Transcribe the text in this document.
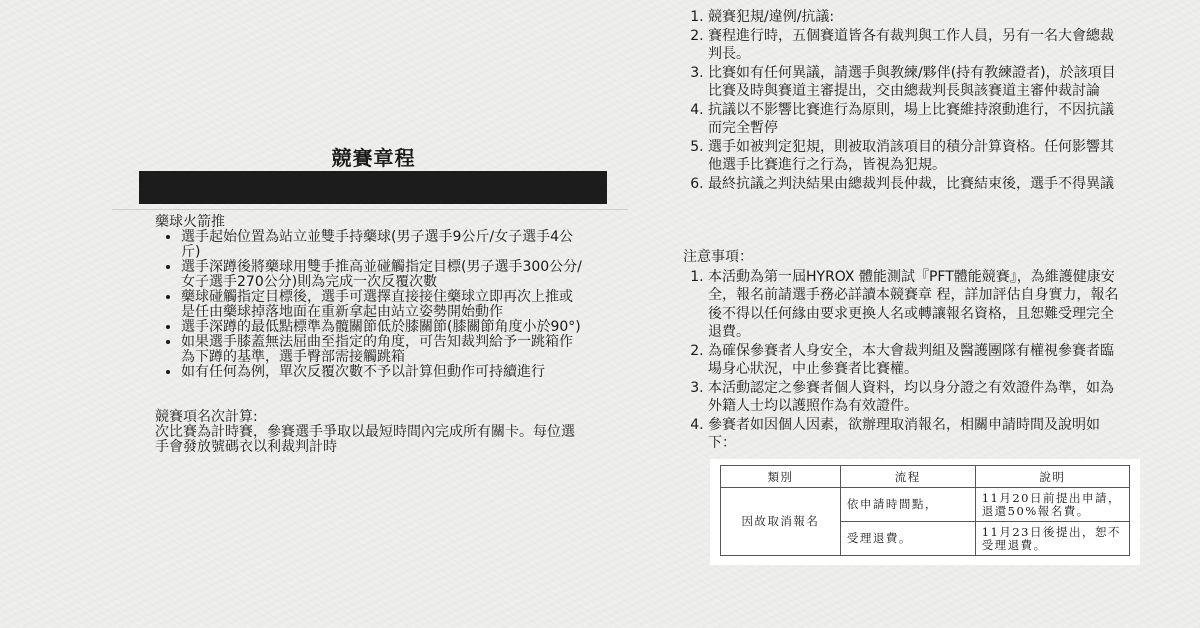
競賽章程

藥球火箭推

• 選手起始位置為站立並雙手持藥球(男子選手9公斤/女子選手4公斤)
• 選手深蹲後將藥球用雙手推高並碰觸指定目標(男子選手300公分/女子選手270公分)則為完成一次反覆次數
• 藥球碰觸指定目標後，選手可選擇直接接住藥球立即再次上推或是任由藥球掉落地面在重新拿起由站立姿勢開始動作
• 選手深蹲的最低點標準為髖關節低於膝關節(膝關節角度小於90°)
• 如果選手膝蓋無法屈曲至指定的角度，可告知裁判給予一跳箱作為下蹲的基準，選手臀部需接觸跳箱
• 如有任何為例，單次反覆次數不予以計算但動作可持續進行

競賽項名次計算:

次比賽為計時賽，參賽選手爭取以最短時間內完成所有關卡。每位選手會發放號碼衣以利裁判計時

1. 競賽犯規/違例/抗議:
2. 賽程進行時，五個賽道皆各有裁判與工作人員，另有一名大會總裁判長。
3. 比賽如有任何異議，請選手與教練/夥伴(持有教練證者)，於該項目比賽及時與賽道主審提出，交由總裁判長與該賽道主審仲裁討論
4. 抗議以不影響比賽進行為原則，場上比賽維持滾動進行，不因抗議而完全暫停
5. 選手如被判定犯規，則被取消該項目的積分計算資格。任何影響其他選手比賽進行之行為，皆視為犯規。
6. 最終抗議之判決結果由總裁判長仲裁，比賽結束後，選手不得異議

注意事項：

1. 本活動為第一屆HYROX 體能測試『PFT體能競賽』，為維護健康安全，報名前請選手務必詳讀本競賽章 程，詳加評估自身實力，報名後不得以任何緣由要求更換人名或轉讓報名資格，且恕難受理完全退費。
2. 為確保參賽者人身安全，本大會裁判組及醫護團隊有權視參賽者臨場身心狀況，中止參賽者比賽權。
3. 本活動認定之參賽者個人資料，均以身分證之有效證件為準，如為外籍人士均以護照作為有效證件。
4. 參賽者如因個人因素，欲辦理取消報名，相關申請時間及說明如下：
類別	流程	說明
因故取消報名	依申請時間點，	11月20日前提出申請，退還50%報名費。
	受理退費。	11月23日後提出，恕不受理退費。
